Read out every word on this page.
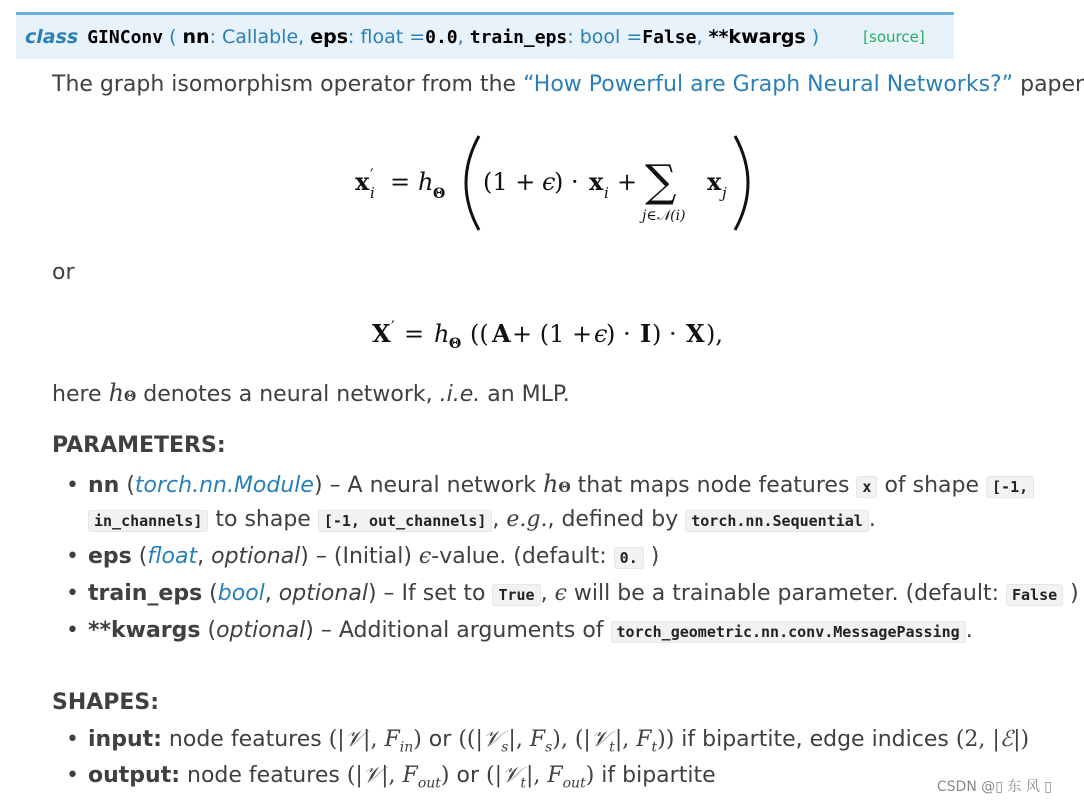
class GINConv ( nn : Callable,
eps : float = 0.0 ,
train_eps : bool = False ,
**kwargs )	[source]
The graph isomorphism operator from the “How Powerful are Graph Neural Networks?” paper
x ′
i = h Θ (1 + ϵ
) · x i + ∑
j∈𝒩(i)
x j
or
X ′ = h Θ (( A + (1 + ϵ
) · I ) · X ),
here hΘ denotes a neural network, .i.e. an MLP.
PARAMETERS:
• nn (torch.nn.Module) – A neural network hΘ that maps node features x of shape [-1,
in_channels] to shape [-1, out_channels] , e.g., defined by torch.nn.Sequential .
• eps (float, optional) – (Initial) ϵ-value. (default: 0. )
• train_eps (bool, optional) – If set to True , ϵ will be a trainable parameter. (default: False )
• **kwargs (optional) – Additional arguments of torch_geometric.nn.conv.MessagePassing .
SHAPES:
• input: node features (|𝒱|, $F_{in}$) or ((|𝒱$_s$|, $F_s$), (|𝒱$_t$|, $F_t$)) if bipartite, edge indices (2, |ℰ|)
• output: node features (|𝒱|, $F_{out}$) or (|𝒱$_t$|, $F_{out}$) if bipartite	CSDN @▯ 东 风 ▯
